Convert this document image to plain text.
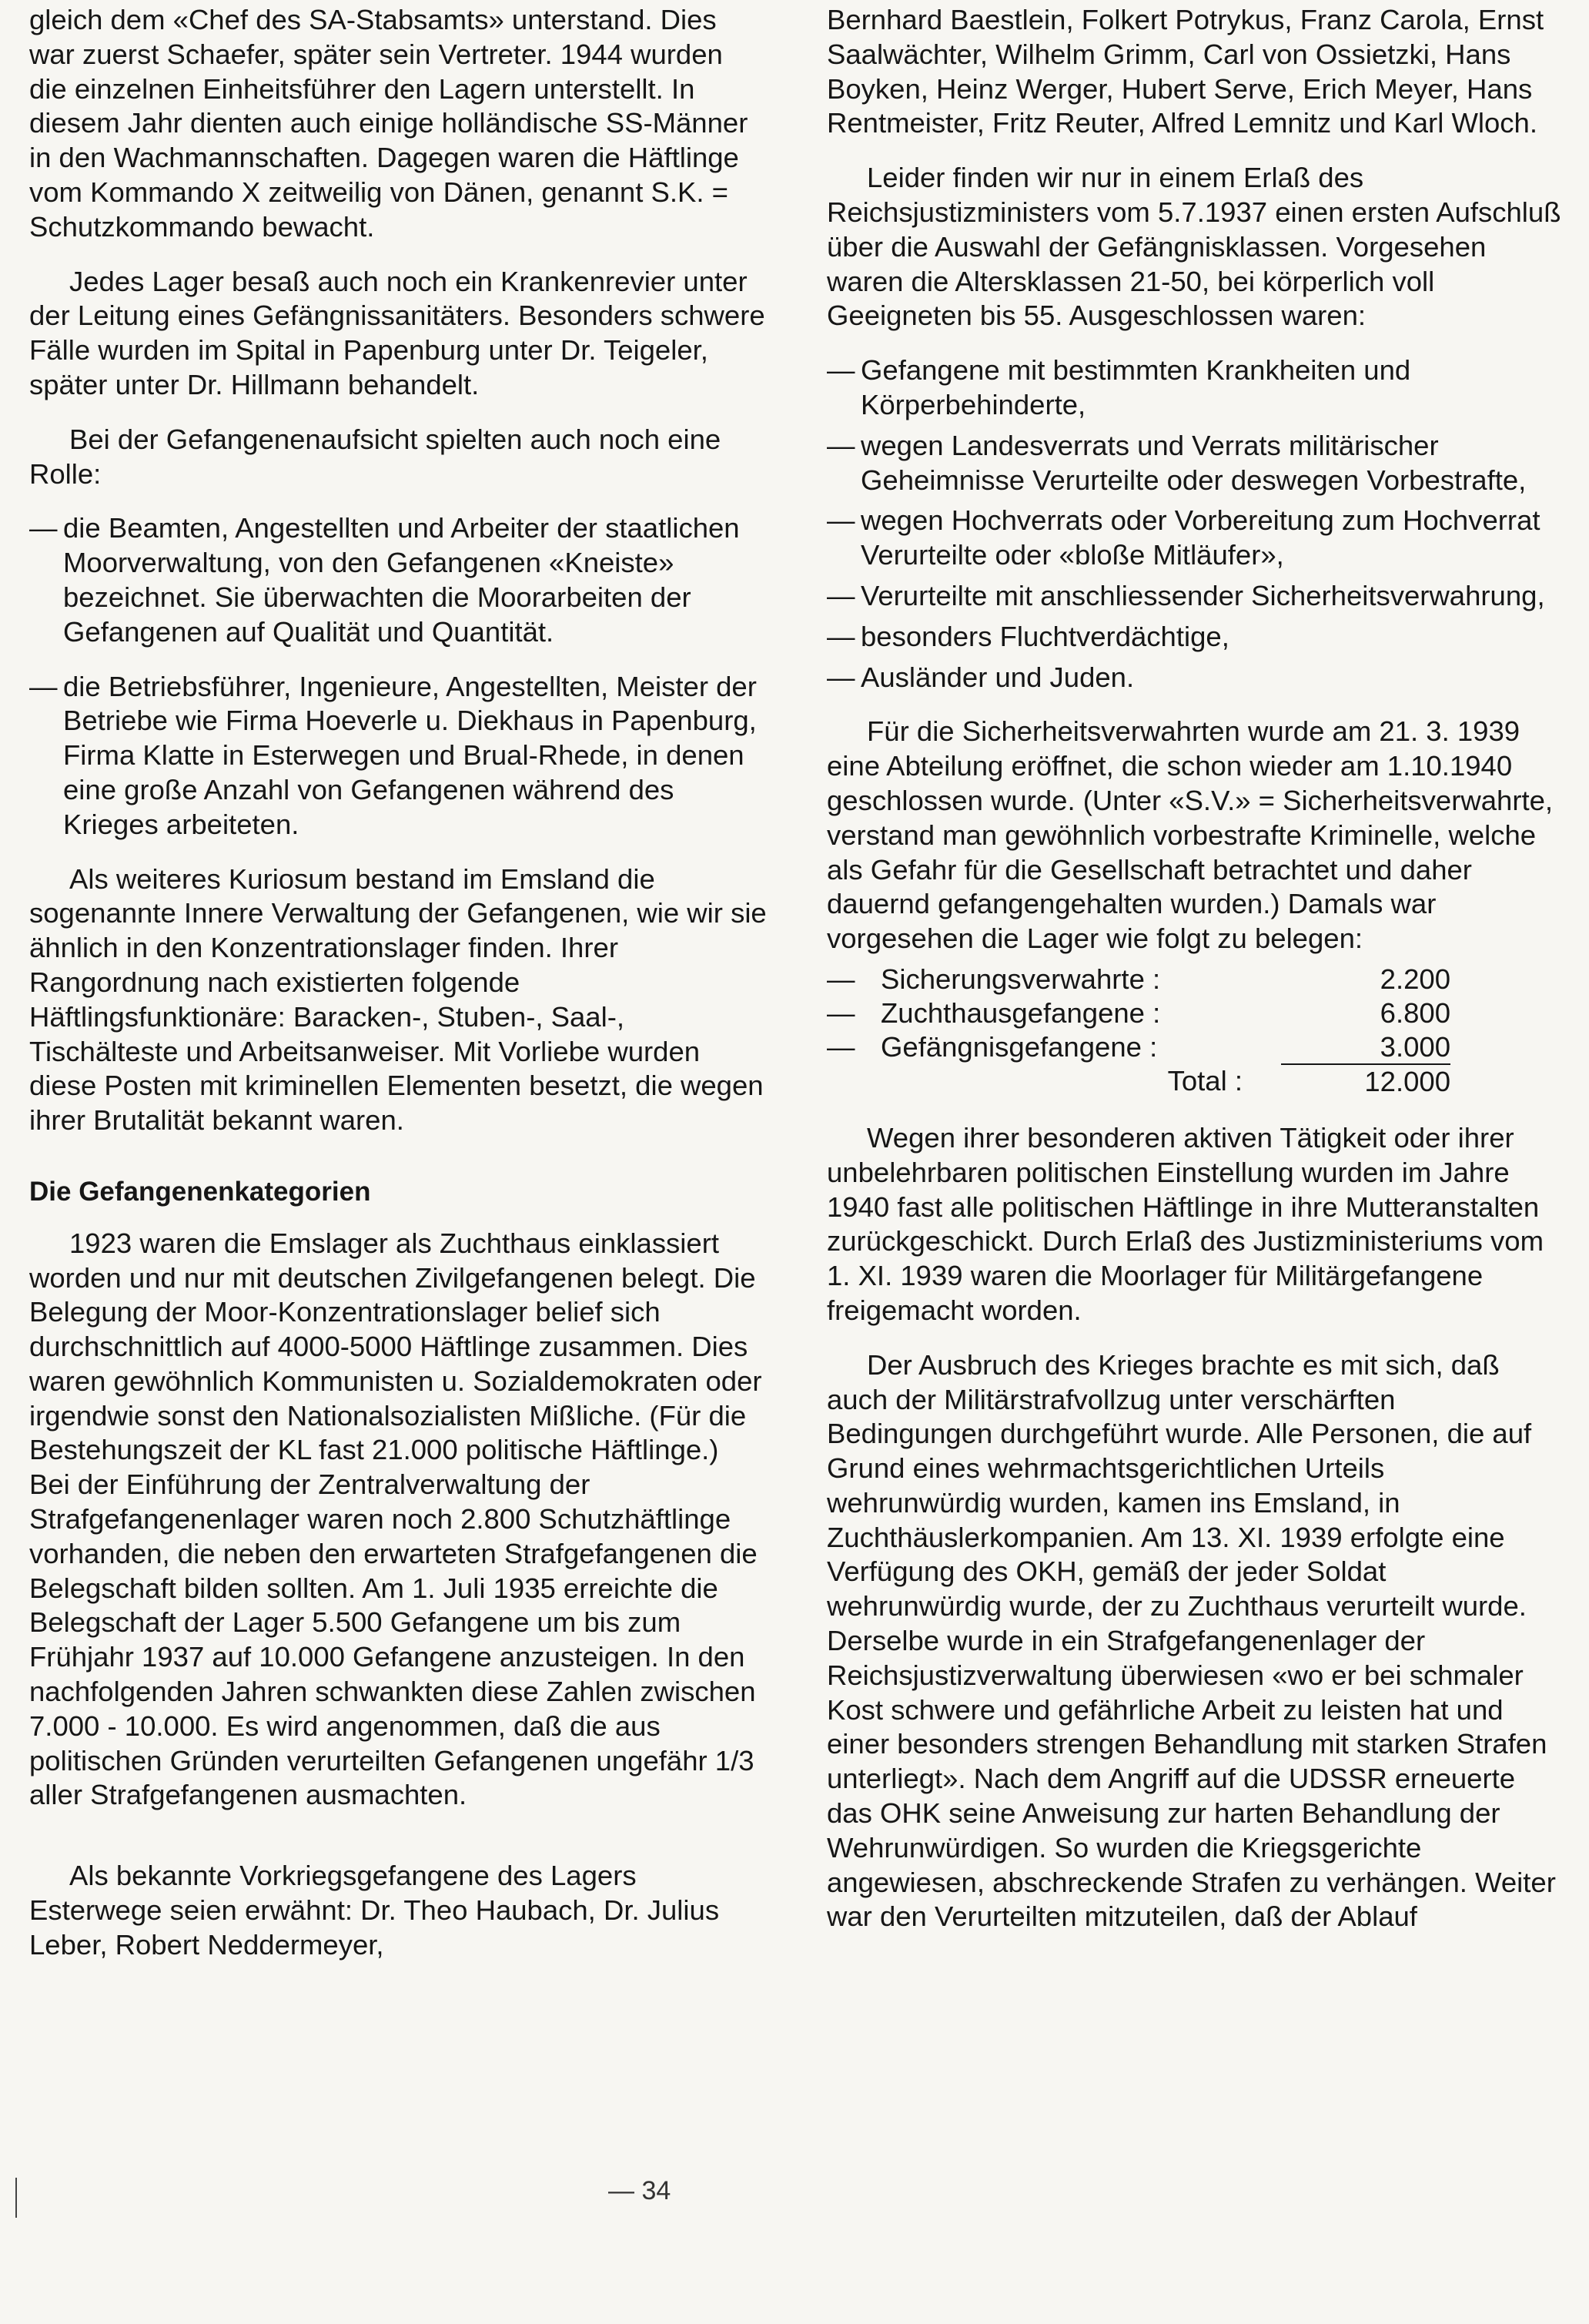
gleich dem «Chef des SA-Stabsamts» unterstand. Dies war zuerst Schaefer, später sein Vertreter. 1944 wurden die einzelnen Einheitsführer den Lagern unterstellt. In diesem Jahr dienten auch einige holländische SS-Männer in den Wachmannschaften. Dagegen waren die Häftlinge vom Kommando X zeitweilig von Dänen, genannt S.K. = Schutzkommando bewacht.

Jedes Lager besaß auch noch ein Krankenrevier unter der Leitung eines Gefängnissanitäters. Besonders schwere Fälle wurden im Spital in Papenburg unter Dr. Teigeler, später unter Dr. Hillmann behandelt.

Bei der Gefangenenaufsicht spielten auch noch eine Rolle:

— die Beamten, Angestellten und Arbeiter der staatlichen Moorverwaltung, von den Gefangenen «Kneiste» bezeichnet. Sie überwachten die Moorarbeiten der Gefangenen auf Qualität und Quantität.
— die Betriebsführer, Ingenieure, Angestellten, Meister der Betriebe wie Firma Hoeverle u. Diekhaus in Papenburg, Firma Klatte in Esterwegen und Brual-Rhede, in denen eine große Anzahl von Gefangenen während des Krieges arbeiteten.

Als weiteres Kuriosum bestand im Emsland die sogenannte Innere Verwaltung der Gefangenen, wie wir sie ähnlich in den Konzentrationslager finden. Ihrer Rangordnung nach existierten folgende Häftlingsfunktionäre: Baracken-, Stuben-, Saal-, Tischälteste und Arbeitsanweiser. Mit Vorliebe wurden diese Posten mit kriminellen Elementen besetzt, die wegen ihrer Brutalität bekannt waren.

Die Gefangenenkategorien

1923 waren die Emslager als Zuchthaus einklassiert worden und nur mit deutschen Zivilgefangenen belegt. Die Belegung der Moor-Konzentrationslager belief sich durchschnittlich auf 4000-5000 Häftlinge zusammen. Dies waren gewöhnlich Kommunisten u. Sozialdemokraten oder irgendwie sonst den Nationalsozialisten Mißliche. (Für die Bestehungszeit der KL fast 21.000 politische Häftlinge.) Bei der Einführung der Zentralverwaltung der Strafgefangenenlager waren noch 2.800 Schutzhäftlinge vorhanden, die neben den erwarteten Strafgefangenen die Belegschaft bilden sollten. Am 1. Juli 1935 erreichte die Belegschaft der Lager 5.500 Gefangene um bis zum Frühjahr 1937 auf 10.000 Gefangene anzusteigen. In den nachfolgenden Jahren schwankten diese Zahlen zwischen 7.000 - 10.000. Es wird angenommen, daß die aus politischen Gründen verurteilten Gefangenen ungefähr 1/3 aller Strafgefangenen ausmachten.

Als bekannte Vorkriegsgefangene des Lagers Esterwege seien erwähnt: Dr. Theo Haubach, Dr. Julius Leber, Robert Neddermeyer,

Bernhard Baestlein, Folkert Potrykus, Franz Carola, Ernst Saalwächter, Wilhelm Grimm, Carl von Ossietzki, Hans Boyken, Heinz Werger, Hubert Serve, Erich Meyer, Hans Rentmeister, Fritz Reuter, Alfred Lemnitz und Karl Wloch.

Leider finden wir nur in einem Erlaß des Reichsjustizministers vom 5.7.1937 einen ersten Aufschluß über die Auswahl der Gefängnisklassen. Vorgesehen waren die Altersklassen 21-50, bei körperlich voll Geeigneten bis 55. Ausgeschlossen waren:

— Gefangene mit bestimmten Krankheiten und Körperbehinderte,
— wegen Landesverrats und Verrats militärischer Geheimnisse Verurteilte oder deswegen Vorbestrafte,
— wegen Hochverrats oder Vorbereitung zum Hochverrat Verurteilte oder «bloße Mitläufer»,
— Verurteilte mit anschliessender Sicherheitsverwahrung,
— besonders Fluchtverdächtige,
— Ausländer und Juden.

Für die Sicherheitsverwahrten wurde am 21. 3. 1939 eine Abteilung eröffnet, die schon wieder am 1.10.1940 geschlossen wurde. (Unter «S.V.» = Sicherheitsverwahrte, verstand man gewöhnlich vorbestrafte Kriminelle, welche als Gefahr für die Gesellschaft betrachtet und daher dauernd gefangengehalten wurden.) Damals war vorgesehen die Lager wie folgt zu belegen:

— Sicherungsverwahrte :	2.200
— Zuchthausgefangene :	6.800
— Gefängnisgefangene :	3.000
Total :	12.000

Wegen ihrer besonderen aktiven Tätigkeit oder ihrer unbelehrbaren politischen Einstellung wurden im Jahre 1940 fast alle politischen Häftlinge in ihre Mutteranstalten zurückgeschickt. Durch Erlaß des Justizministeriums vom 1. XI. 1939 waren die Moorlager für Militärgefangene freigemacht worden.

Der Ausbruch des Krieges brachte es mit sich, daß auch der Militärstrafvollzug unter verschärften Bedingungen durchgeführt wurde. Alle Personen, die auf Grund eines wehrmachtsgerichtlichen Urteils wehrunwürdig wurden, kamen ins Emsland, in Zuchthäuslerkompanien. Am 13. XI. 1939 erfolgte eine Verfügung des OKH, gemäß der jeder Soldat wehrunwürdig wurde, der zu Zuchthaus verurteilt wurde. Derselbe wurde in ein Strafgefangenenlager der Reichsjustizverwaltung überwiesen «wo er bei schmaler Kost schwere und gefährliche Arbeit zu leisten hat und einer besonders strengen Behandlung mit starken Strafen unterliegt». Nach dem Angriff auf die UDSSR erneuerte das OHK seine Anweisung zur harten Behandlung der Wehrunwürdigen. So wurden die Kriegsgerichte angewiesen, abschreckende Strafen zu verhängen. Weiter war den Verurteilten mitzuteilen, daß der Ablauf

— 34
